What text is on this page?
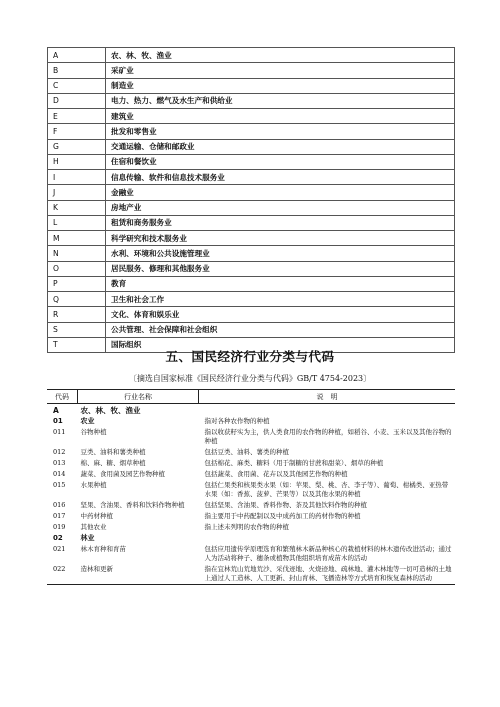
A	农、林、牧、渔业
B	采矿业
C	制造业
D	电力、热力、燃气及水生产和供给业
E	建筑业
F	批发和零售业
G	交通运输、仓储和邮政业
H	住宿和餐饮业
I	信息传输、软件和信息技术服务业
J	金融业
K	房地产业
L	租赁和商务服务业
M	科学研究和技术服务业
N	水利、环境和公共设施管理业
O	居民服务、修理和其他服务业
P	教育
Q	卫生和社会工作
R	文化、体育和娱乐业
S	公共管理、社会保障和社会组织
T	国际组织
五、国民经济行业分类与代码
〔摘选自国家标准《国民经济行业分类与代码》GB/T 4754-2023〕
代码	行业名称	说　明
A	农、林、牧、渔业	
01	农业	指对各种农作物的种植
011	谷物种植	指以收获籽实为主，供人类食用的农作物的种植，如稻谷、小麦、玉米以及其他谷物的种植
012	豆类、油料和薯类种植	包括豆类、油料、薯类的种植
013	棉、麻、糖、烟草种植	包括棉花、麻类、糖料（用于制糖的甘蔗和甜菜）、烟草的种植
014	蔬菜、食用菌及园艺作物种植	包括蔬菜、食用菌、花卉以及其他园艺作物的种植
015	水果种植	包括仁果类和核果类水果（如：苹果、梨、桃、杏、李子等）、葡萄、柑橘类、亚热带水果（如：香蕉、菠萝、芒果等）以及其他水果的种植
016	坚果、含油果、香料和饮料作物种植	包括坚果、含油果、香料作物、茶及其他饮料作物的种植
017	中药材种植	指主要用于中药配制以及中成药加工的药材作物的种植
019	其他农业	指上述未列明的农作物的种植
02	林业	
021	林木育种和育苗	包括应用遗传学原理选育和繁殖林木新品种核心的栽植材料的林木遗传改进活动；通过人为活动将种子、穗条或植物其他组织培育成苗木的活动
022	造林和更新	指在宜林荒山荒地荒沙、采伐迹地、火烧迹地、疏林地、灌木林地等一切可造林的土地上通过人工造林、人工更新、封山育林、飞播造林等方式培育和恢复森林的活动
